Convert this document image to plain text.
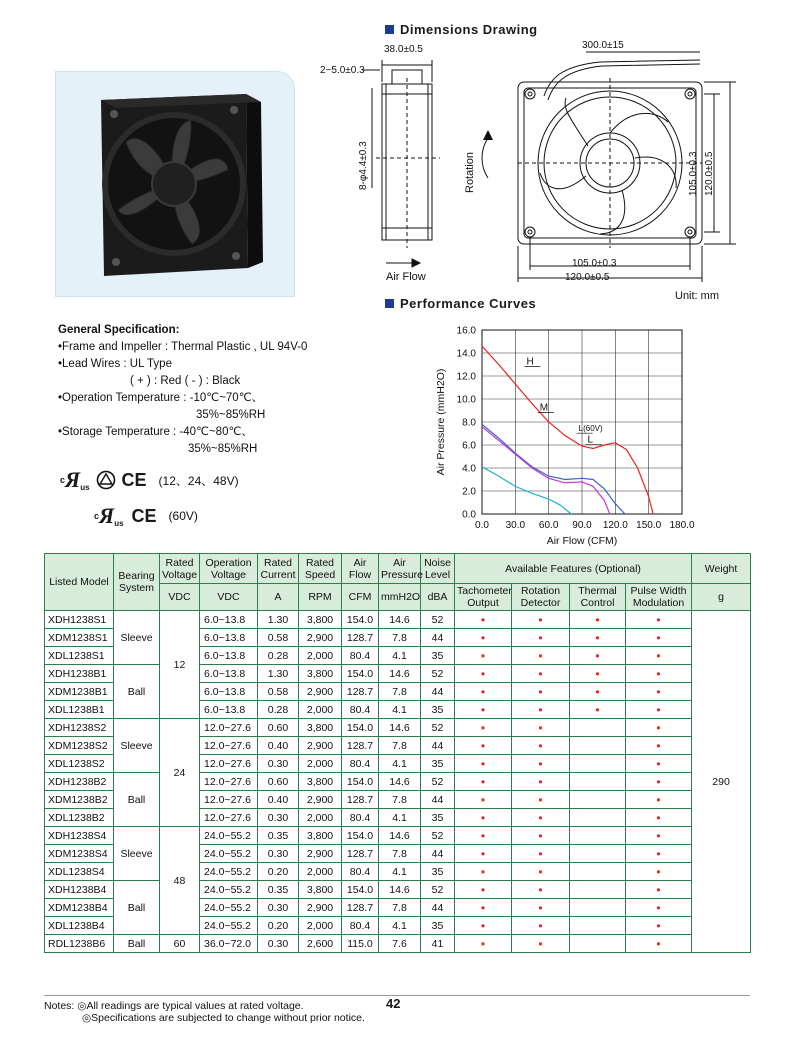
Dimensions Drawing
38.0±0.5
2~5.0±0.3
8-φ4.4±0.3
300.0±15
Rotation
Air Flow
105.0±0.3 120.0±0.5
105.0±0.3
120.0±0.5
Unit: mm
Performance Curves
0.0 30.0 60.0 90.0 120.0 150.0 180.0
0.0
2.0
4.0
6.0
8.0
10.0
12.0
14.0
16.0
H
M
L
L(60V)
Air Flow (CFM)
Air Pressure (mmH2O)
General Specification:
•Frame and Impeller : Thermal Plastic , UL 94V-0
•Lead Wires : UL Type
( + ) : Red ( - ) : Black
•Operation Temperature : -10℃~70℃、
35%~85%RH
•Storage Temperature : -40℃~80℃、
35%~85%RH
c Я us CE (12、24、48V)
c Я us CE (60V)
Listed Model	Bearing System	Rated Voltage	Operation Voltage	Rated Current	Rated Speed	Air Flow	Air Pressure	Noise Level	Available Features (Optional)				Weight
		VDC	VDC	A	RPM	CFM	mmH2O	dBA	Tachometer Output	Rotation Detector	Thermal Control	Pulse Width Modulation	g
XDH1238S1	Sleeve	12	6.0~13.8	1.30	3,800	154.0	14.6	52	•	•	•	•	290
XDM1238S1			6.0~13.8	0.58	2,900	128.7	7.8	44	•	•	•	•	
XDL1238S1			6.0~13.8	0.28	2,000	80.4	4.1	35	•	•	•	•	
XDH1238B1	Ball		6.0~13.8	1.30	3,800	154.0	14.6	52	•	•	•	•	
XDM1238B1			6.0~13.8	0.58	2,900	128.7	7.8	44	•	•	•	•	
XDL1238B1			6.0~13.8	0.28	2,000	80.4	4.1	35	•	•	•	•	
XDH1238S2	Sleeve	24	12.0~27.6	0.60	3,800	154.0	14.6	52	•	•		•	
XDM1238S2			12.0~27.6	0.40	2,900	128.7	7.8	44	•	•		•	
XDL1238S2			12.0~27.6	0.30	2,000	80.4	4.1	35	•	•		•	
XDH1238B2	Ball		12.0~27.6	0.60	3,800	154.0	14.6	52	•	•		•	
XDM1238B2			12.0~27.6	0.40	2,900	128.7	7.8	44	•	•		•	
XDL1238B2			12.0~27.6	0.30	2,000	80.4	4.1	35	•	•		•	
XDH1238S4	Sleeve	48	24.0~55.2	0.35	3,800	154.0	14.6	52	•	•		•	
XDM1238S4			24.0~55.2	0.30	2,900	128.7	7.8	44	•	•		•	
XDL1238S4			24.0~55.2	0.20	2,000	80.4	4.1	35	•	•		•	
XDH1238B4	Ball		24.0~55.2	0.35	3,800	154.0	14.6	52	•	•		•	
XDM1238B4			24.0~55.2	0.30	2,900	128.7	7.8	44	•	•		•	
XDL1238B4			24.0~55.2	0.20	2,000	80.4	4.1	35	•	•		•	
RDL1238B6	Ball	60	36.0~72.0	0.30	2,600	115.0	7.6	41	•	•		•	
Notes: ◎All readings are typical values at rated voltage.
◎Specifications are subjected to change without prior notice.
42
